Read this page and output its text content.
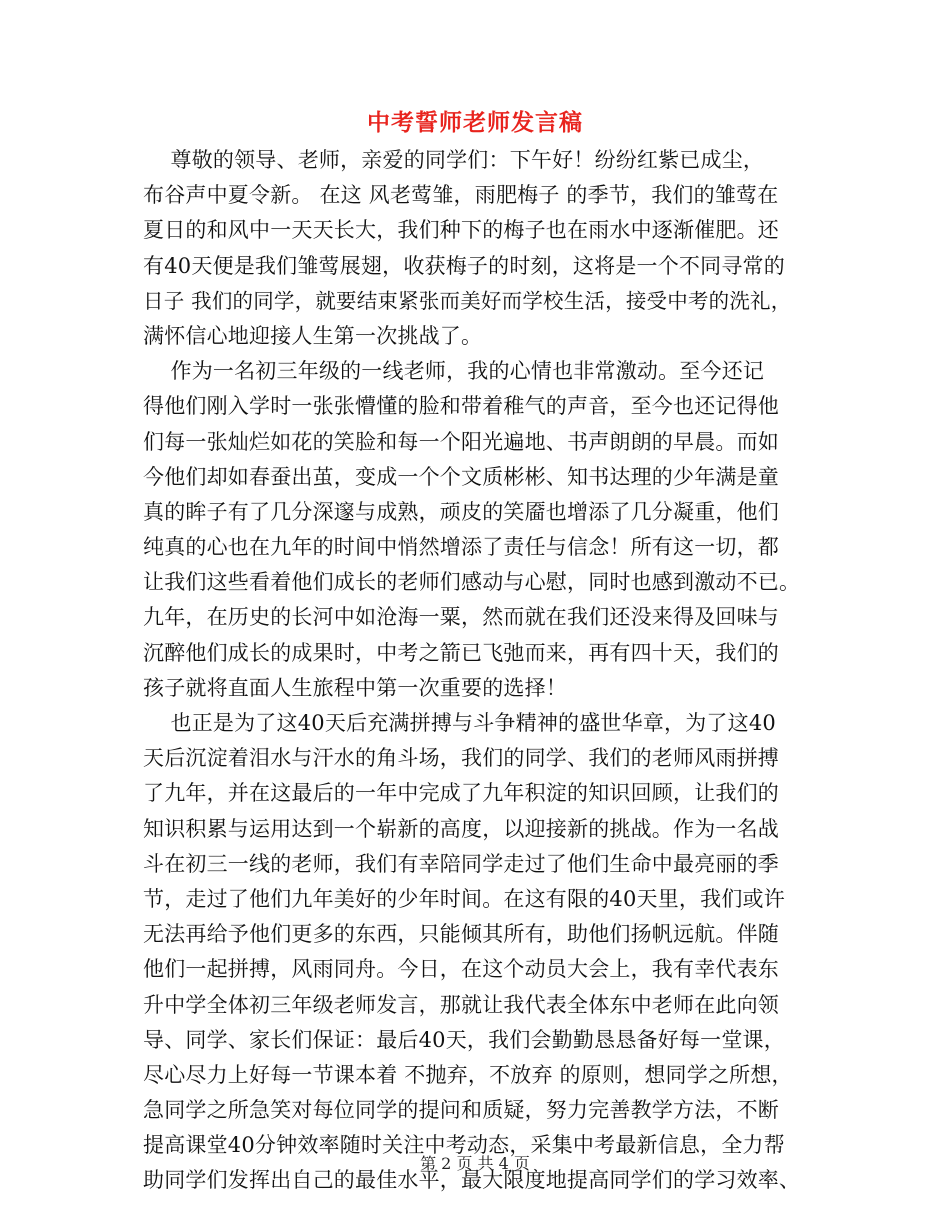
中考誓师老师发言稿
尊敬的领导、老师，亲爱的同学们：下午好！纷纷红紫已成尘，
布谷声中夏令新。 在这 风老莺雏，雨肥梅子 的季节，我们的雏莺在
夏日的和风中一天天长大，我们种下的梅子也在雨水中逐渐催肥。还
有40天便是我们雏莺展翅，收获梅子的时刻，这将是一个不同寻常的
日子 我们的同学，就要结束紧张而美好而学校生活，接受中考的洗礼，
满怀信心地迎接人生第一次挑战了。
作为一名初三年级的一线老师，我的心情也非常激动。至今还记
得他们刚入学时一张张懵懂的脸和带着稚气的声音，至今也还记得他
们每一张灿烂如花的笑脸和每一个阳光遍地、书声朗朗的早晨。而如
今他们却如春蚕出茧，变成一个个文质彬彬、知书达理的少年满是童
真的眸子有了几分深邃与成熟，顽皮的笑靥也增添了几分凝重，他们
纯真的心也在九年的时间中悄然增添了责任与信念！所有这一切，都
让我们这些看着他们成长的老师们感动与心慰，同时也感到激动不已。
九年，在历史的长河中如沧海一粟，然而就在我们还没来得及回味与
沉醉他们成长的成果时，中考之箭已飞弛而来，再有四十天，我们的
孩子就将直面人生旅程中第一次重要的选择！
也正是为了这40天后充满拼搏与斗争精神的盛世华章，为了这40
天后沉淀着泪水与汗水的角斗场，我们的同学、我们的老师风雨拼搏
了九年，并在这最后的一年中完成了九年积淀的知识回顾，让我们的
知识积累与运用达到一个崭新的高度，以迎接新的挑战。作为一名战
斗在初三一线的老师，我们有幸陪同学走过了他们生命中最亮丽的季
节，走过了他们九年美好的少年时间。在这有限的40天里，我们或许
无法再给予他们更多的东西，只能倾其所有，助他们扬帆远航。伴随
他们一起拼搏，风雨同舟。今日，在这个动员大会上，我有幸代表东
升中学全体初三年级老师发言，那就让我代表全体东中老师在此向领
导、同学、家长们保证：最后40天，我们会勤勤恳恳备好每一堂课，
尽心尽力上好每一节课本着 不抛弃，不放弃 的原则，想同学之所想，
急同学之所急笑对每位同学的提问和质疑，努力完善教学方法，不断
提高课堂40分钟效率随时关注中考动态，采集中考最新信息，全力帮
助同学们发挥出自己的最佳水平，最大限度地提高同学们的学习效率、
第 2 页 共 4 页
